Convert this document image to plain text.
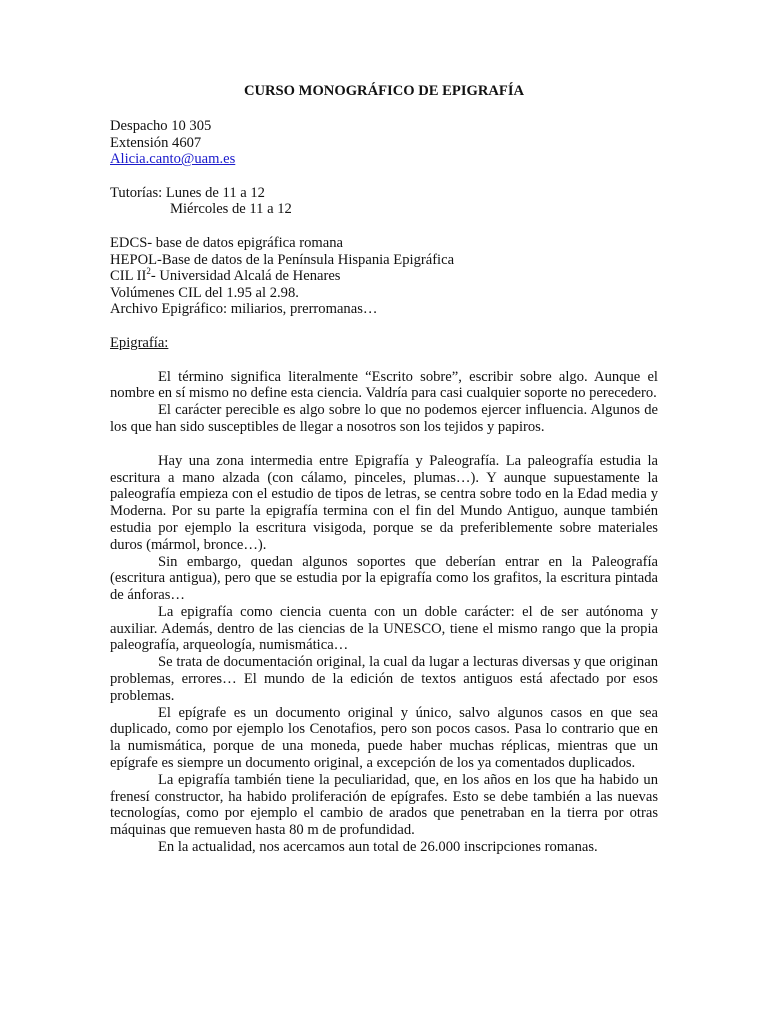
CURSO MONOGRÁFICO DE EPIGRAFÍA
Despacho 10 305
Extensión 4607
Alicia.canto@uam.es
Tutorías: Lunes de 11 a 12
Miércoles de 11 a 12
EDCS- base de datos epigráfica romana
HEPOL-Base de datos de la Península Hispania Epigráfica
CIL $II^2-$ Universidad Alcalá de Henares
Volúmenes CIL del 1.95 al 2.98.
Archivo Epigráfico: miliarios, prerromanas…
Epigrafía:

El término significa literalmente “Escrito sobre”, escribir sobre algo. Aunque el nombre en sí mismo no define esta ciencia. Valdría para casi cualquier soporte no perecedero.

El carácter perecible es algo sobre lo que no podemos ejercer influencia. Algunos de los que han sido susceptibles de llegar a nosotros son los tejidos y papiros.

Hay una zona intermedia entre Epigrafía y Paleografía. La paleografía estudia la escritura a mano alzada (con cálamo, pinceles, plumas…). Y aunque supuestamente la paleografía empieza con el estudio de tipos de letras, se centra sobre todo en la Edad media y Moderna. Por su parte la epigrafía termina con el fin del Mundo Antiguo, aunque también estudia por ejemplo la escritura visigoda, porque se da preferiblemente sobre materiales duros (mármol, bronce…).

Sin embargo, quedan algunos soportes que deberían entrar en la Paleografía (escritura antigua), pero que se estudia por la epigrafía como los grafitos, la escritura pintada de ánforas…

La epigrafía como ciencia cuenta con un doble carácter: el de ser autónoma y auxiliar. Además, dentro de las ciencias de la UNESCO, tiene el mismo rango que la propia paleografía, arqueología, numismática…

Se trata de documentación original, la cual da lugar a lecturas diversas y que originan problemas, errores… El mundo de la edición de textos antiguos está afectado por esos problemas.

El epígrafe es un documento original y único, salvo algunos casos en que sea duplicado, como por ejemplo los Cenotafios, pero son pocos casos. Pasa lo contrario que en la numismática, porque de una moneda, puede haber muchas réplicas, mientras que un epígrafe es siempre un documento original, a excepción de los ya comentados duplicados.

La epigrafía también tiene la peculiaridad, que, en los años en los que ha habido un frenesí constructor, ha habido proliferación de epígrafes. Esto se debe también a las nuevas tecnologías, como por ejemplo el cambio de arados que penetraban en la tierra por otras máquinas que remueven hasta 80 m de profundidad.

En la actualidad, nos acercamos aun total de 26.000 inscripciones romanas.
